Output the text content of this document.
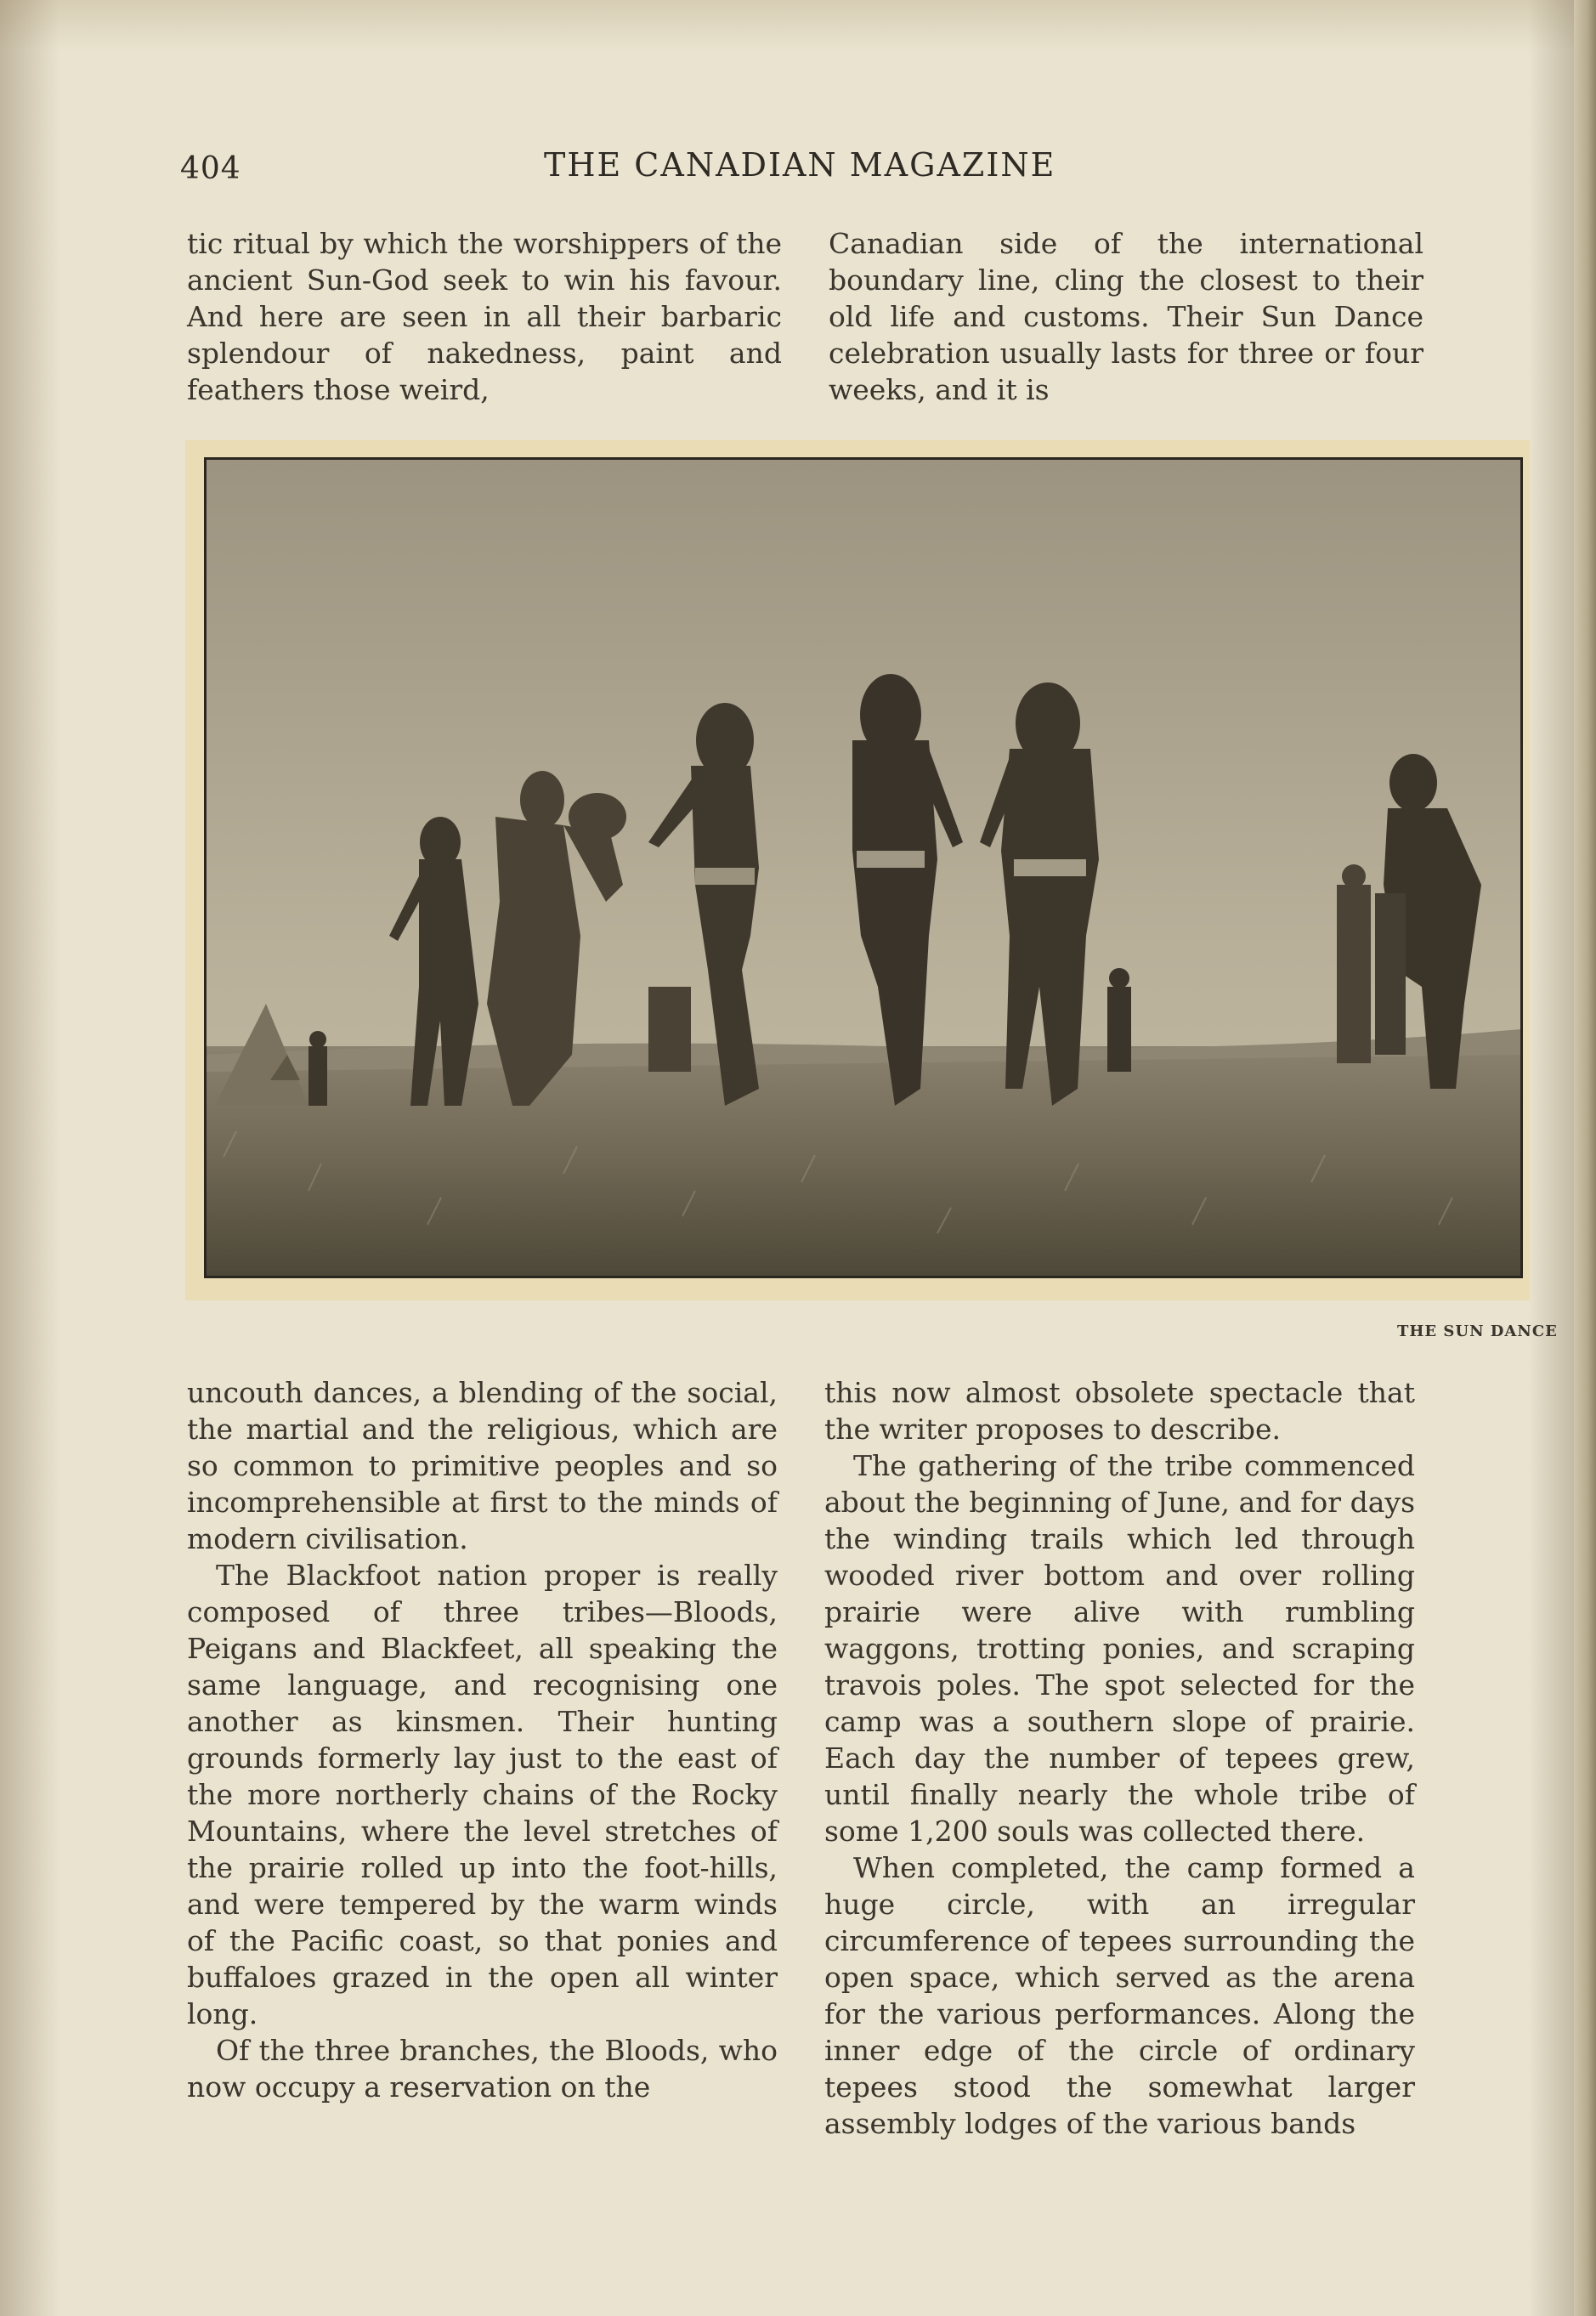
404	THE CANADIAN MAGAZINE

tic ritual by which the worshippers of the ancient Sun-God seek to win his favour. And here are seen in all their barbaric splendour of nakedness, paint and feathers those weird,

Canadian side of the international boundary line, cling the closest to their old life and customs. Their Sun Dance celebration usually lasts for three or four weeks, and it is

THE SUN DANCE

uncouth dances, a blending of the social, the martial and the religious, which are so common to primitive peoples and so incomprehensible at first to the minds of modern civilisation.

The Blackfoot nation proper is really composed of three tribes—Bloods, Peigans and Blackfeet, all speaking the same language, and recognising one another as kinsmen. Their hunting grounds formerly lay just to the east of the more northerly chains of the Rocky Mountains, where the level stretches of the prairie rolled up into the foot-hills, and were tempered by the warm winds of the Pacific coast, so that ponies and buffaloes grazed in the open all winter long.

Of the three branches, the Bloods, who now occupy a reservation on the

this now almost obsolete spectacle that the writer proposes to describe.

The gathering of the tribe commenced about the beginning of June, and for days the winding trails which led through wooded river bottom and over rolling prairie were alive with rumbling waggons, trotting ponies, and scraping travois poles. The spot selected for the camp was a southern slope of prairie. Each day the number of tepees grew, until finally nearly the whole tribe of some 1,200 souls was collected there.

When completed, the camp formed a huge circle, with an irregular circumference of tepees surrounding the open space, which served as the arena for the various performances. Along the inner edge of the circle of ordinary tepees stood the somewhat larger assembly lodges of the various bands
